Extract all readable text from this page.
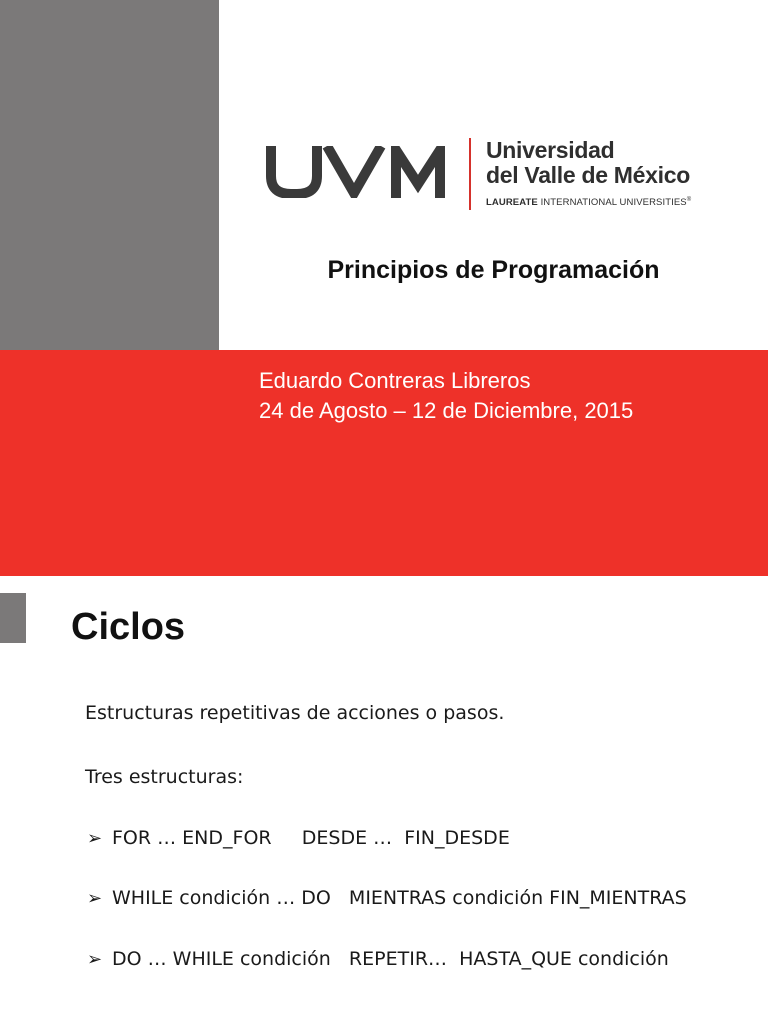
Universidad
del Valle de México
LAUREATE INTERNATIONAL UNIVERSITIES®
Principios de Programación
Eduardo Contreras Libreros
24 de Agosto – 12 de Diciembre, 2015
Ciclos
Estructuras repetitivas de acciones o pasos.
Tres estructuras:
➢ FOR … END_FOR     DESDE …  FIN_DESDE
➢ WHILE condición … DO   MIENTRAS condición FIN_MIENTRAS
➢ DO … WHILE condición   REPETIR…  HASTA_QUE condición
